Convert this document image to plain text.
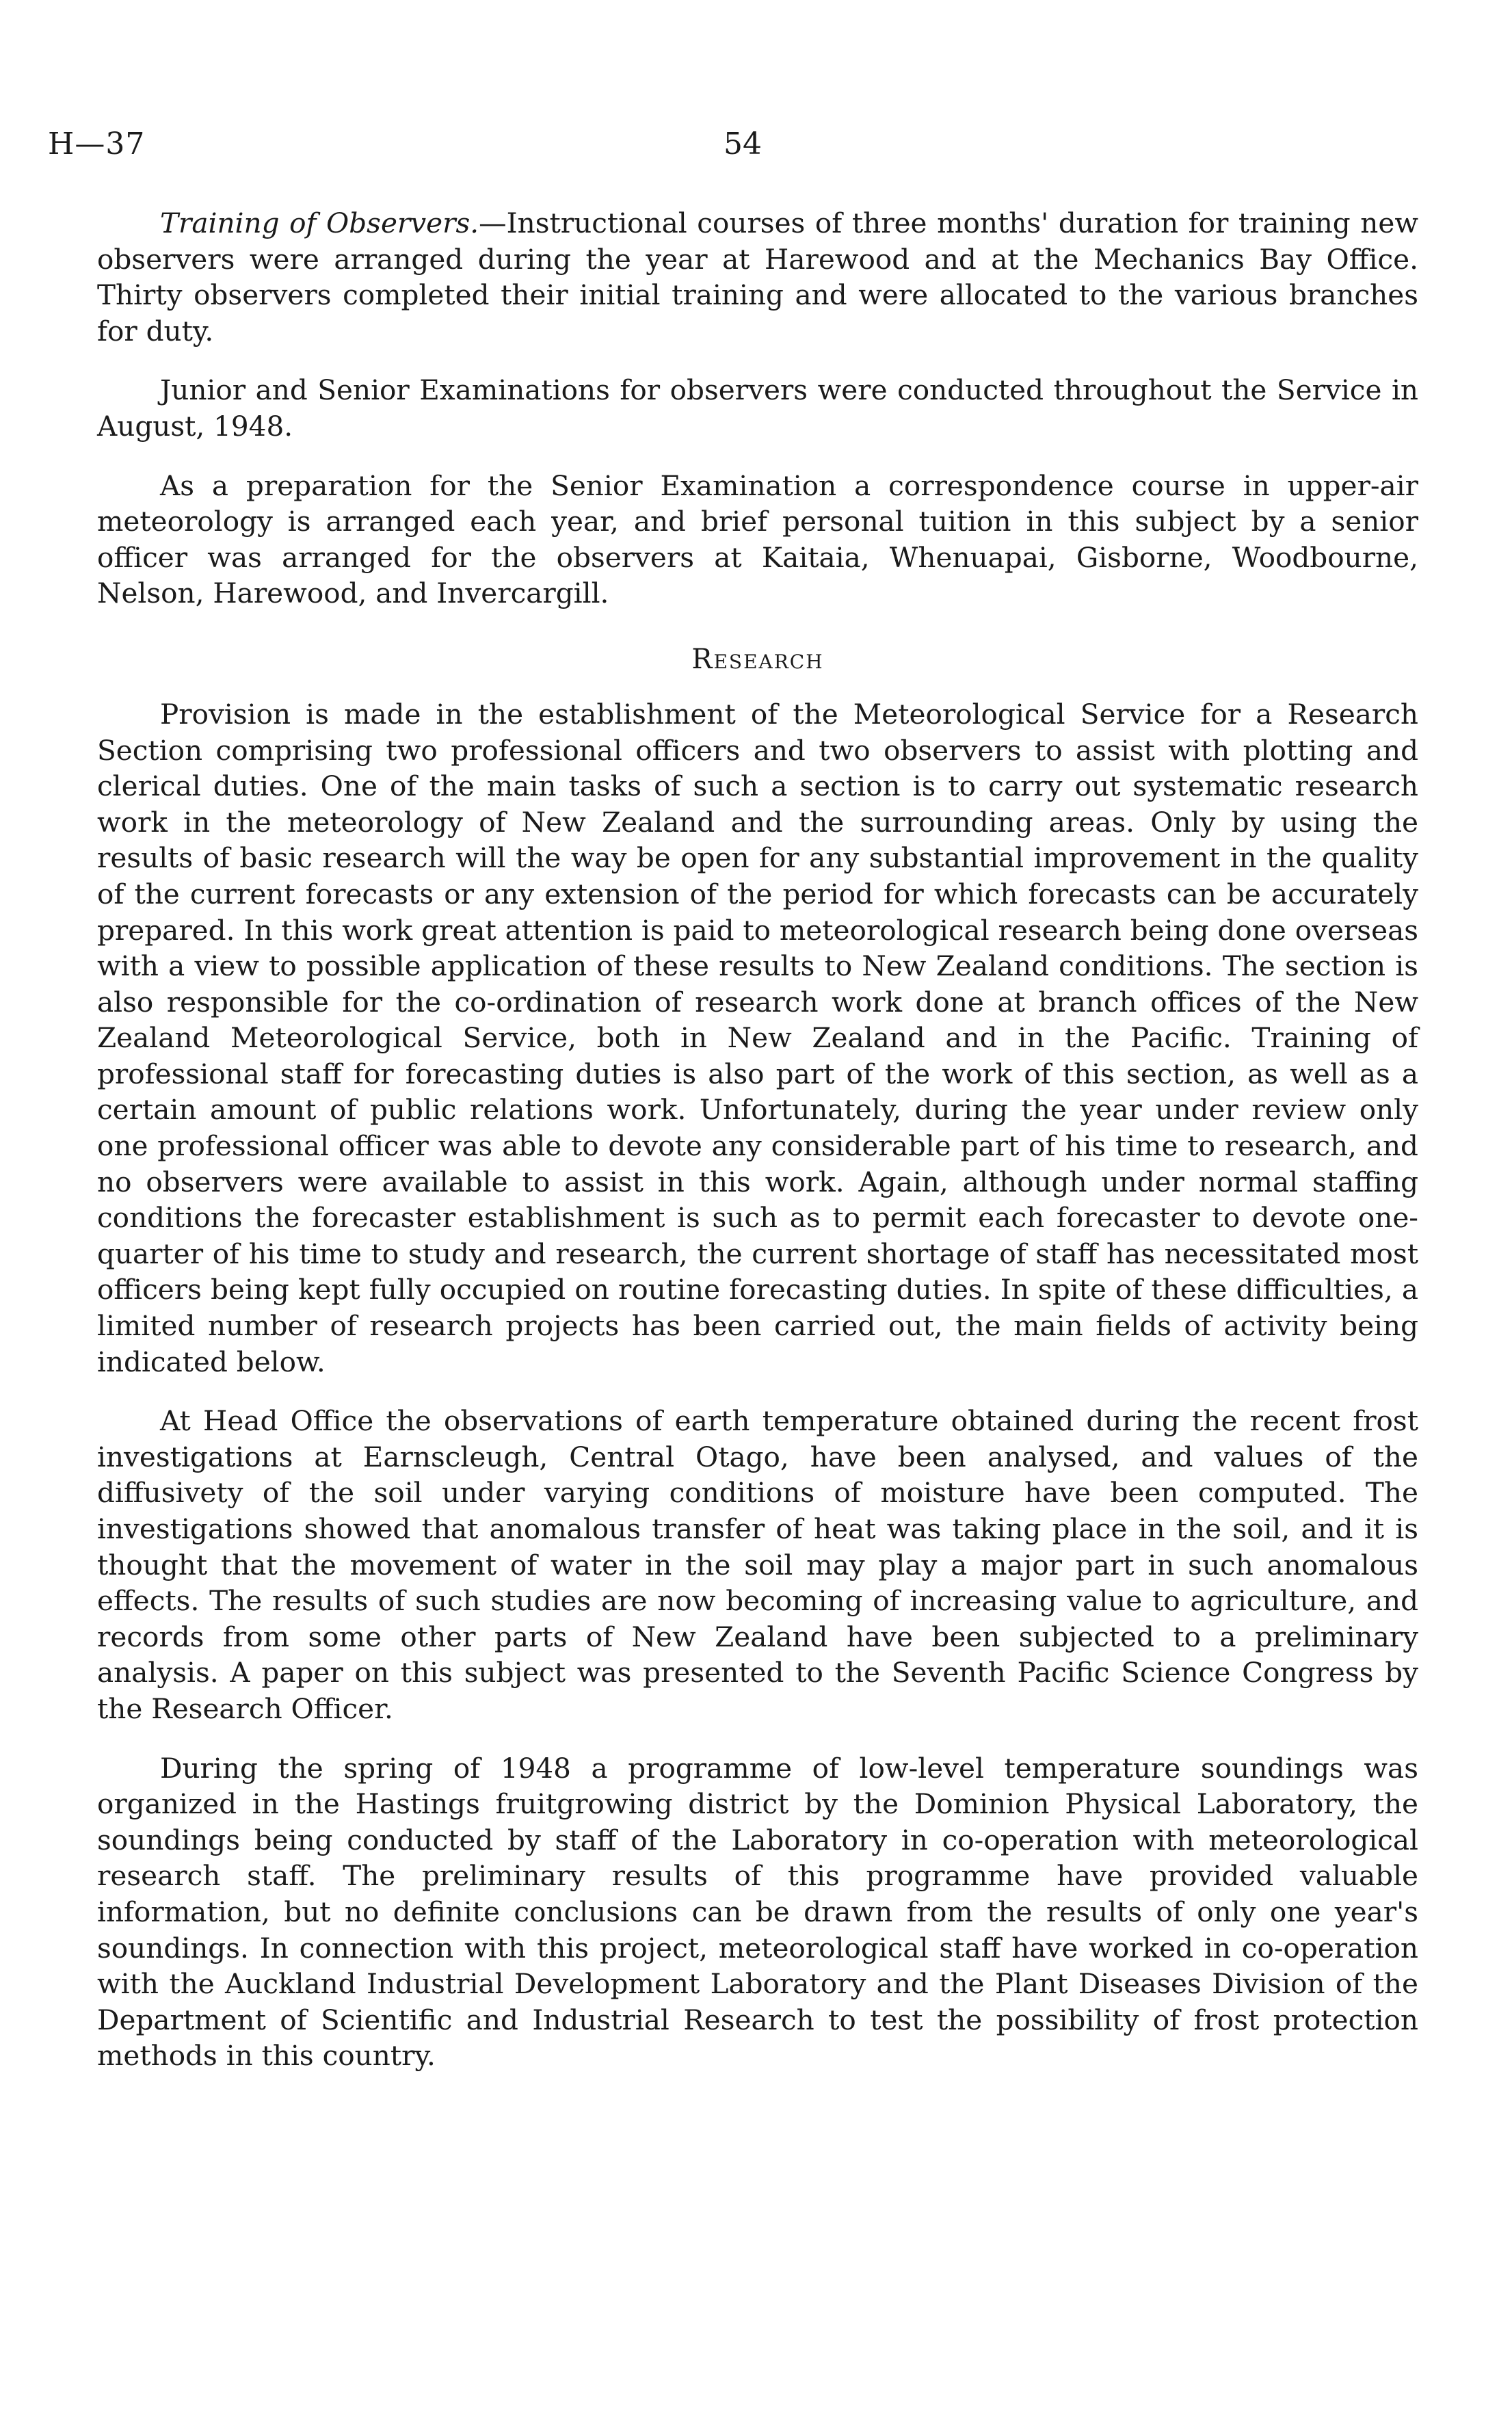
H—37	54

Training of Observers.—Instructional courses of three months' duration for training new observers were arranged during the year at Harewood and at the Mechanics Bay Office. Thirty observers completed their initial training and were allocated to the various branches for duty.

Junior and Senior Examinations for observers were conducted throughout the Service in August, 1948.

As a preparation for the Senior Examination a correspondence course in upper-air meteorology is arranged each year, and brief personal tuition in this subject by a senior officer was arranged for the observers at Kaitaia, Whenuapai, Gisborne, Woodbourne, Nelson, Harewood, and Invercargill.

Research

Provision is made in the establishment of the Meteorological Service for a Research Section comprising two professional officers and two observers to assist with plotting and clerical duties. One of the main tasks of such a section is to carry out systematic research work in the meteorology of New Zealand and the surrounding areas. Only by using the results of basic research will the way be open for any substantial improvement in the quality of the current forecasts or any extension of the period for which forecasts can be accurately prepared. In this work great attention is paid to meteorological research being done overseas with a view to possible application of these results to New Zealand conditions. The section is also responsible for the co-ordination of research work done at branch offices of the New Zealand Meteorological Service, both in New Zealand and in the Pacific. Training of professional staff for forecasting duties is also part of the work of this section, as well as a certain amount of public relations work. Unfortunately, during the year under review only one professional officer was able to devote any considerable part of his time to research, and no observers were available to assist in this work. Again, although under normal staffing conditions the forecaster establishment is such as to permit each forecaster to devote one-quarter of his time to study and research, the current shortage of staff has necessitated most officers being kept fully occupied on routine forecasting duties. In spite of these difficulties, a limited number of research projects has been carried out, the main fields of activity being indicated below.

At Head Office the observations of earth temperature obtained during the recent frost investigations at Earnscleugh, Central Otago, have been analysed, and values of the diffusivety of the soil under varying conditions of moisture have been computed. The investigations showed that anomalous transfer of heat was taking place in the soil, and it is thought that the movement of water in the soil may play a major part in such anomalous effects. The results of such studies are now becoming of increasing value to agriculture, and records from some other parts of New Zealand have been subjected to a preliminary analysis. A paper on this subject was presented to the Seventh Pacific Science Congress by the Research Officer.

During the spring of 1948 a programme of low-level temperature soundings was organized in the Hastings fruitgrowing district by the Dominion Physical Laboratory, the soundings being conducted by staff of the Laboratory in co-operation with meteorological research staff. The preliminary results of this programme have provided valuable information, but no definite conclusions can be drawn from the results of only one year's soundings. In connection with this project, meteorological staff have worked in co-operation with the Auckland Industrial Development Laboratory and the Plant Diseases Division of the Department of Scientific and Industrial Research to test the possibility of frost protection methods in this country.
